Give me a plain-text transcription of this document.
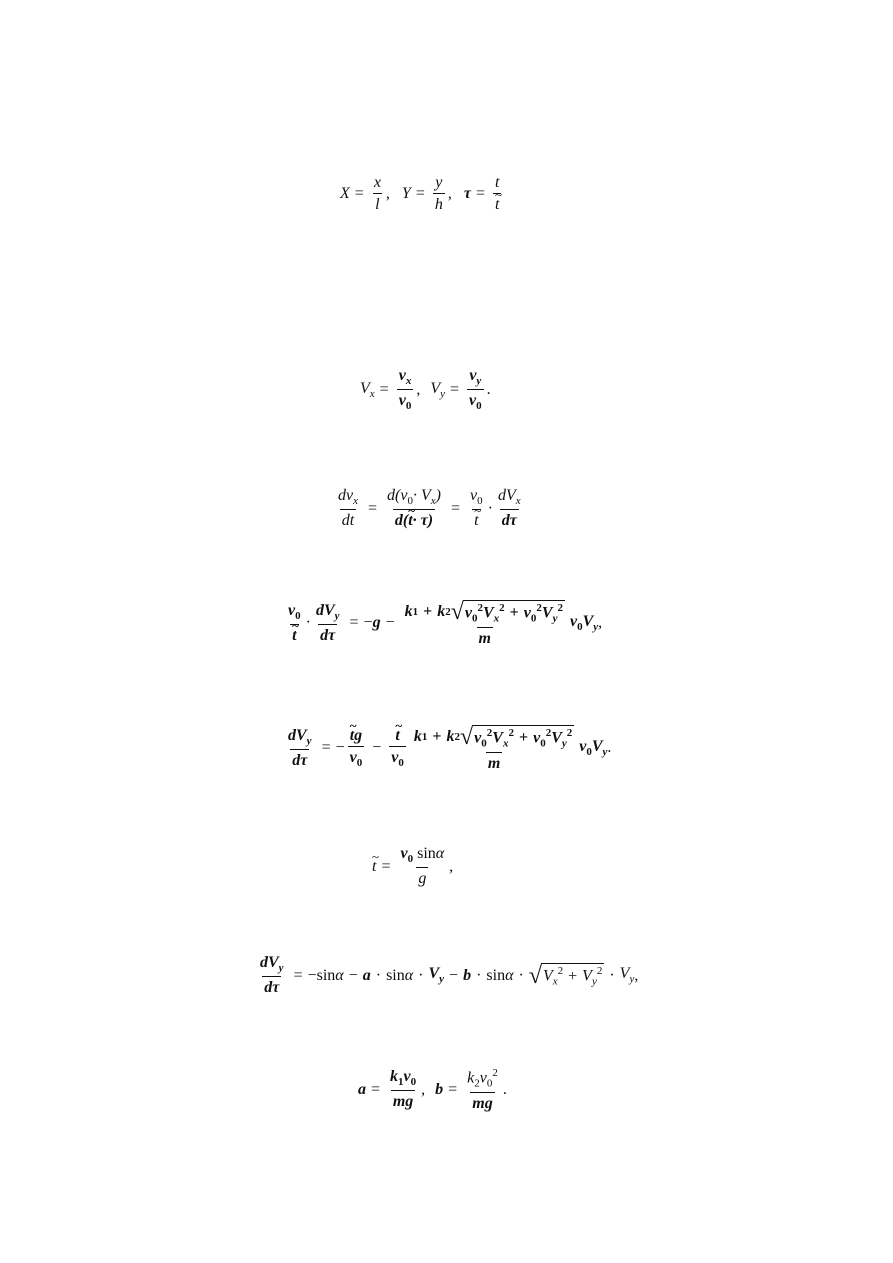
$X = \frac{x}{l}$ , $Y = \frac{y}{h}$ , τ = t
~ t
$V_x = \frac{v_x}{v_0}$ , $V_y = \frac{v_y}{v_0}$ .
$\frac{dv_x}{dt} = \frac{d(v_0\cdot V_x)}{d(\sim t\cdot \tau)} = v_0$
~ $t \cdot \frac{dV_x}{d\tau}$
$v_0$
~ $t \cdot \frac{dV_y}{d\tau}$ = − $g - \frac{k 1 + k 2 √ v_0^2V_x^2 + v_0^2V_y^2}{m} v_0V_y$ ,
$\frac{dV_y}{d\tau}$ = − ~ $\frac{tg}{v_0}$ − ~ $\frac{t}{v_0} \frac{k 1 + k 2 √ v_0^2V_x^2 + v_0^2V_y^2}{m} v_0V_y$ .
~ $t = \frac{v_0 \sin\alpha}{g}$ ,
$\frac{dV_y}{d\tau}$ = − $\sin \alpha - a \cdot \sin \alpha \cdot V_y - b \cdot \sin \alpha$ · √ $V_x^2 + V_y^2 \cdot V_y$ ,
$a = \frac{k_1v_0}{mg}$ , $b = \frac{k_2v_0^2}{mg}$ .
